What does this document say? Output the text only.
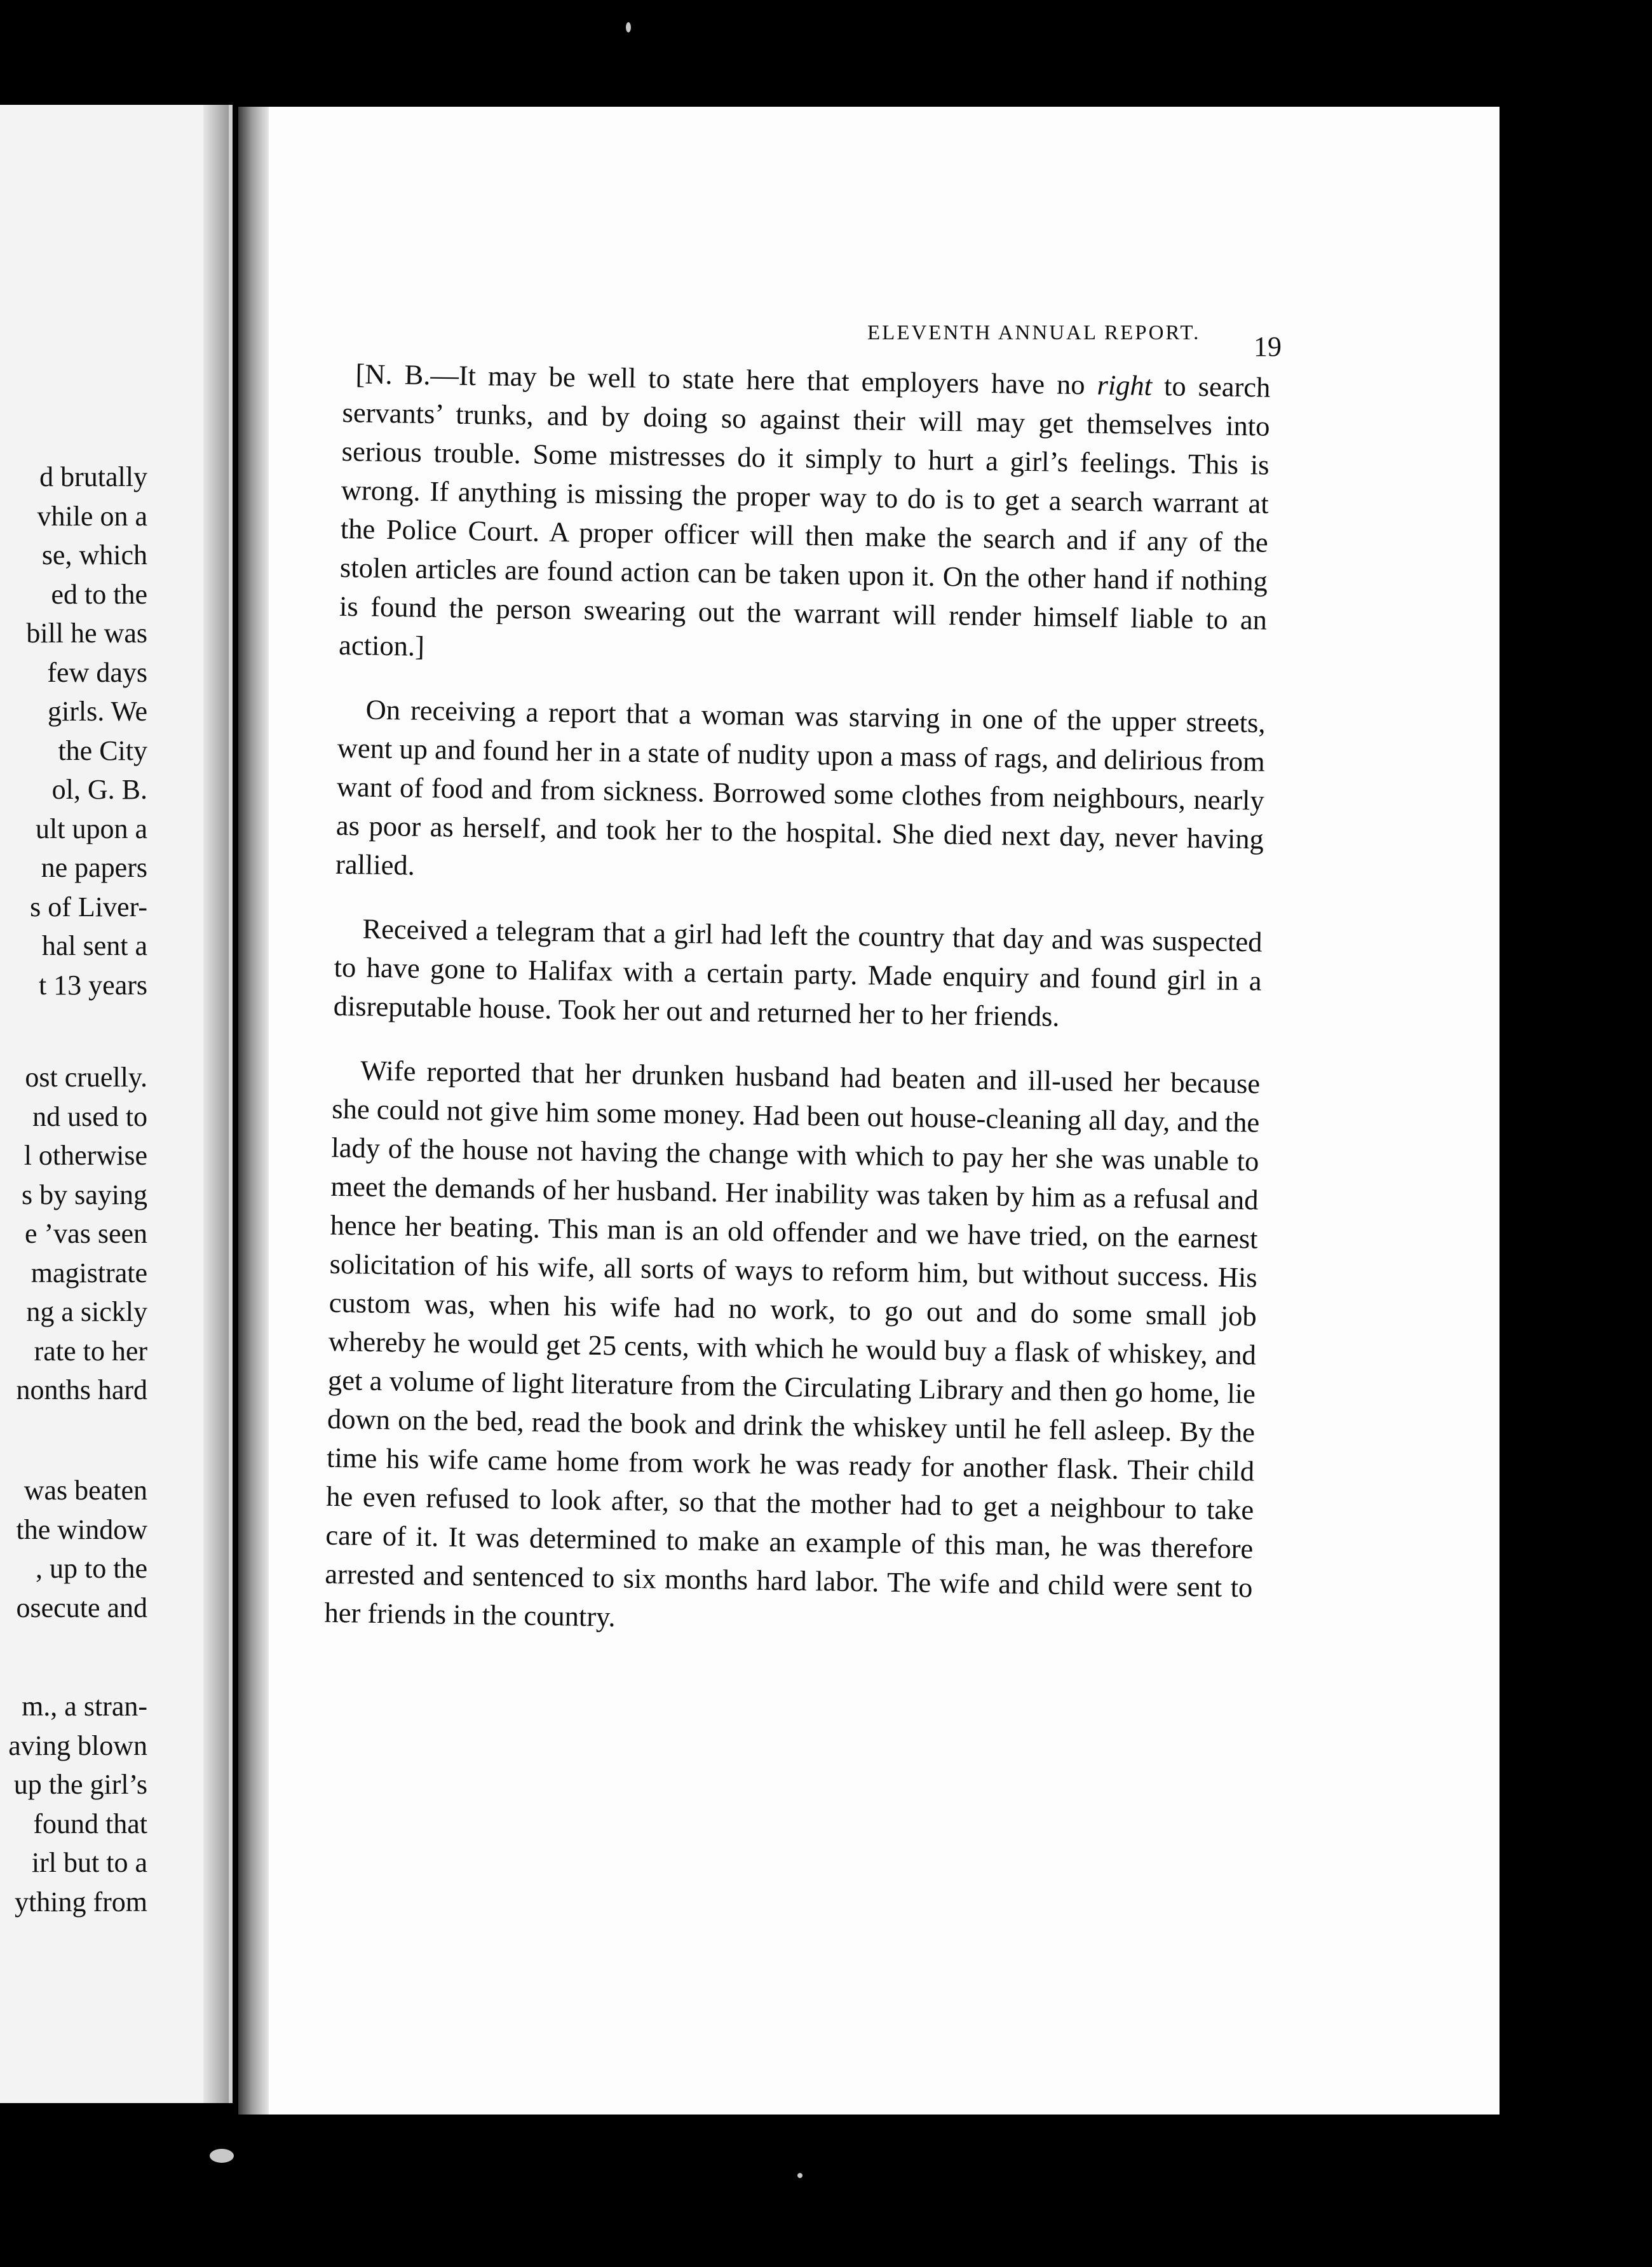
d brutally
vhile on a
se, which
ed to the
bill he was
few days
girls. We
the City
ol, G. B.
ult upon a
ne papers
s of Liver-
hal sent a
t 13 years
ost cruelly.
nd used to
l otherwise
s by saying
e ’vas seen
magistrate
ng a sickly
rate to her
nonths hard
was beaten
the window
, up to the
osecute and
m., a stran-
aving blown
up the girl’s
found that
irl but to a
ything from
ELEVENTH ANNUAL REPORT. 19

[N. B.—It may be well to state here that employers have no right to search servants’ trunks, and by doing so against their will may get themselves into serious trouble. Some mistresses do it simply to hurt a girl’s feelings. This is wrong. If anything is missing the proper way to do is to get a search warrant at the Police Court. A proper officer will then make the search and if any of the stolen articles are found action can be taken upon it. On the other hand if nothing is found the person swearing out the warrant will render himself liable to an action.]

On receiving a report that a woman was starving in one of the upper streets, went up and found her in a state of nudity upon a mass of rags, and delirious from want of food and from sickness. Borrowed some clothes from neighbours, nearly as poor as herself, and took her to the hospital. She died next day, never having rallied.

Received a telegram that a girl had left the country that day and was suspected to have gone to Halifax with a certain party. Made enquiry and found girl in a disreputable house. Took her out and returned her to her friends.

Wife reported that her drunken husband had beaten and ill-used her because she could not give him some money. Had been out house-cleaning all day, and the lady of the house not having the change with which to pay her she was unable to meet the demands of her husband. Her inability was taken by him as a refusal and hence her beating. This man is an old offender and we have tried, on the earnest solicitation of his wife, all sorts of ways to reform him, but without success. His custom was, when his wife had no work, to go out and do some small job whereby he would get 25 cents, with which he would buy a flask of whiskey, and get a volume of light literature from the Circulating Library and then go home, lie down on the bed, read the book and drink the whiskey until he fell asleep. By the time his wife came home from work he was ready for another flask. Their child he even refused to look after, so that the mother had to get a neighbour to take care of it. It was determined to make an example of this man, he was therefore arrested and sentenced to six months hard labor. The wife and child were sent to her friends in the country.
